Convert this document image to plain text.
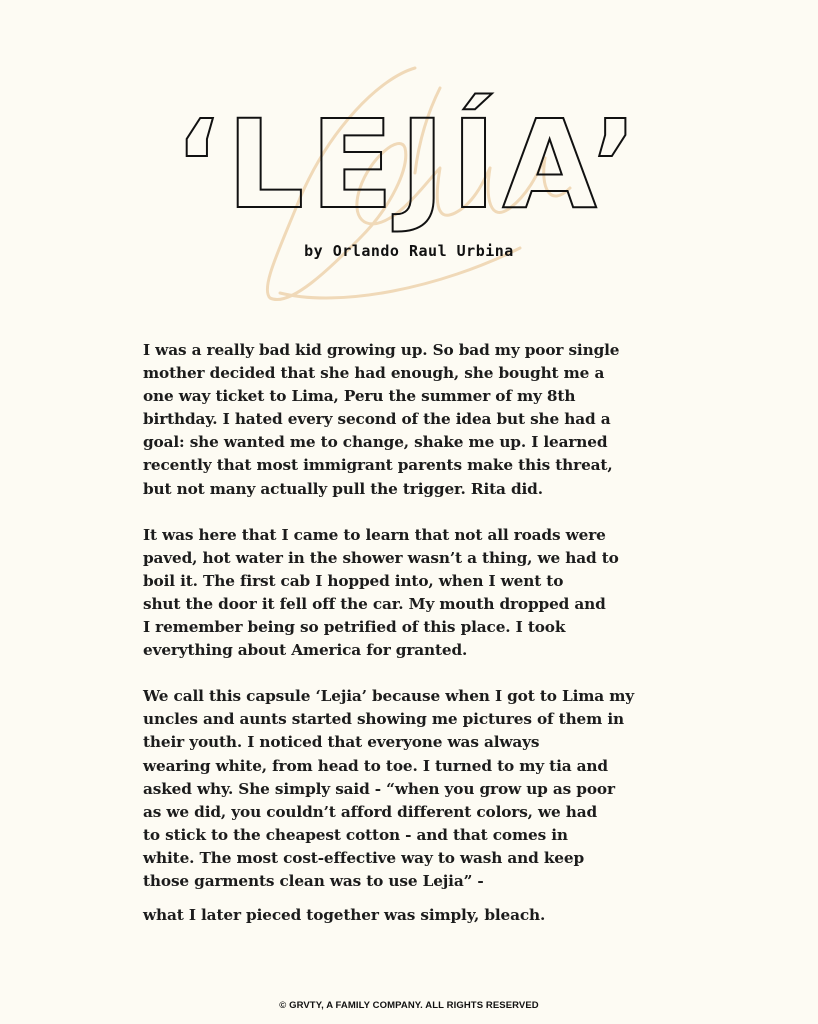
‘LEJÍA’
by Orlando Raul Urbina

I was a really bad kid growing up. So bad my poor single
mother decided that she had enough, she bought me a
one way ticket to Lima, Peru the summer of my 8th
birthday. I hated every second of the idea but she had a
goal: she wanted me to change, shake me up. I learned
recently that most immigrant parents make this threat,
but not many actually pull the trigger. Rita did.

It was here that I came to learn that not all roads were
paved, hot water in the shower wasn’t a thing, we had to
boil it. The first cab I hopped into, when I went to
shut the door it fell off the car. My mouth dropped and
I remember being so petrified of this place. I took
everything about America for granted.

We call this capsule ‘Lejia’ because when I got to Lima my
uncles and aunts started showing me pictures of them in
their youth. I noticed that everyone was always
wearing white, from head to toe. I turned to my tia and
asked why. She simply said - “when you grow up as poor
as we did, you couldn’t afford different colors, we had
to stick to the cheapest cotton - and that comes in
white. The most cost-effective way to wash and keep
those garments clean was to use Lejia” -

what I later pieced together was simply, bleach.

© GRVTY, A FAMILY COMPANY. ALL RIGHTS RESERVED
